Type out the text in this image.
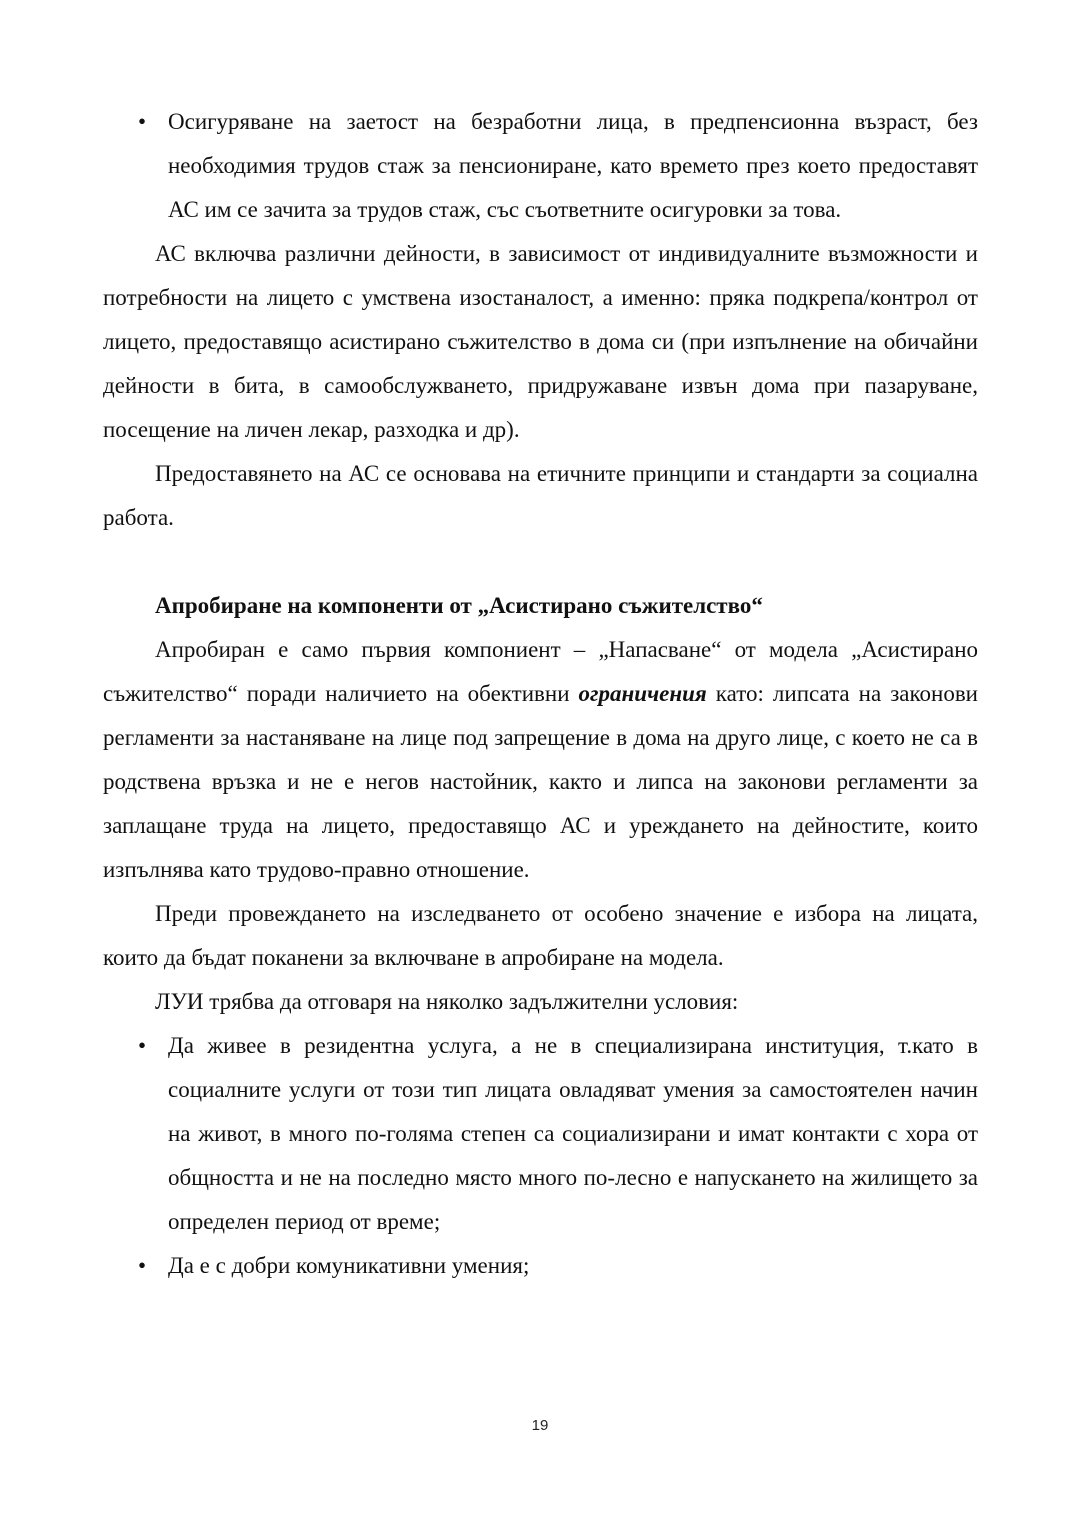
• Осигуряване на заетост на безработни лица, в предпенсионна възраст, без необходимия трудов стаж за пенсиониране, като времето през което предоставят АС им се зачита за трудов стаж, със съответните осигуровки за това.

АС включва различни дейности, в зависимост от индивидуалните възможности и потребности на лицето с умствена изостаналост, а именно: пряка подкрепа/контрол от лицето, предоставящо асистирано съжителство в дома си (при изпълнение на обичайни дейности в бита, в самообслужването, придружаване извън дома при пазаруване, посещение на личен лекар, разходка и др).

Предоставянето на АС се основава на етичните принципи и стандарти за социална работа.

Апробиране на компоненти от „Асистирано съжителство“

Апробиран е само първия компониент – „Напасване“ от модела „Асистирано съжителство“ поради наличието на обективни ограничения като: липсата на законови регламенти за настаняване на лице под запрещение в дома на друго лице, с което не са в родствена връзка и не е негов настойник, както и липса на законови регламенти за заплащане труда на лицето, предоставящо АС и уреждането на дейностите, които изпълнява като трудово-правно отношение.

Преди провеждането на изследването от особено значение е избора на лицата, които да бъдат поканени за включване в апробиране на модела.

ЛУИ трябва да отговаря на няколко задължителни условия:

• Да живее в резидентна услуга, а не в специализирана институция, т.като в социалните услуги от този тип лицата овладяват умения за самостоятелен начин на живот, в много по-голяма степен са социализирани и имат контакти с хора от общността и не на последно място много по-лесно е напускането на жилището за определен период от време;
• Да е с добри комуникативни умения;
19
